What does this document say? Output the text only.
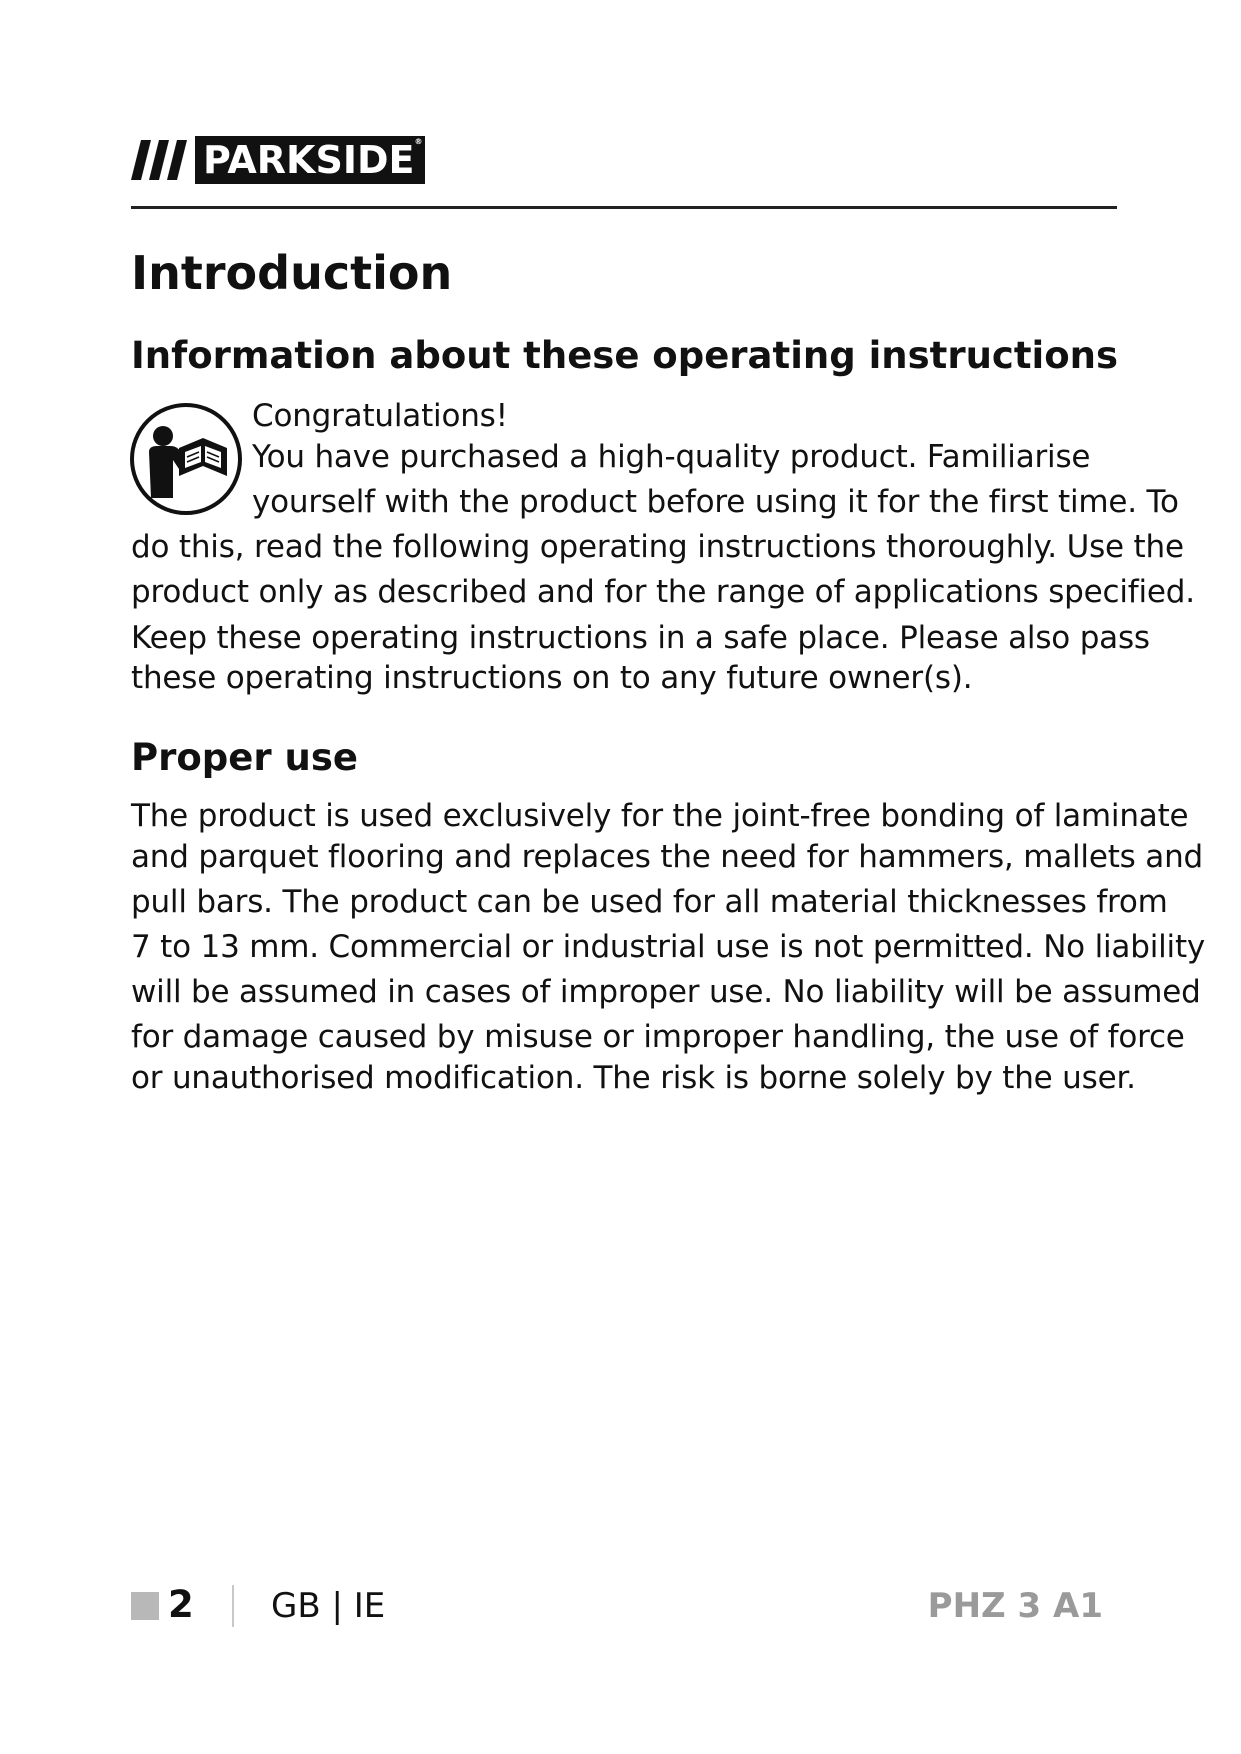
PARKSIDE ®
Introduction
Information about these operating instructions
Congratulations!
You have purchased a high-quality product. Familiarise
yourself with the product before using it for the first time. To
do this, read the following operating instructions thoroughly. Use the
product only as described and for the range of applications specified.
Keep these operating instructions in a safe place. Please also pass
these operating instructions on to any future owner(s).
Proper use
The product is used exclusively for the joint-free bonding of laminate
and parquet flooring and replaces the need for hammers, mallets and
pull bars. The product can be used for all material thicknesses from
7 to 13 mm. Commercial or industrial use is not permitted. No liability
will be assumed in cases of improper use. No liability will be assumed
for damage caused by misuse or improper handling, the use of force
or unauthorised modification. The risk is borne solely by the user.
2 GB | IE	PHZ 3 A1
